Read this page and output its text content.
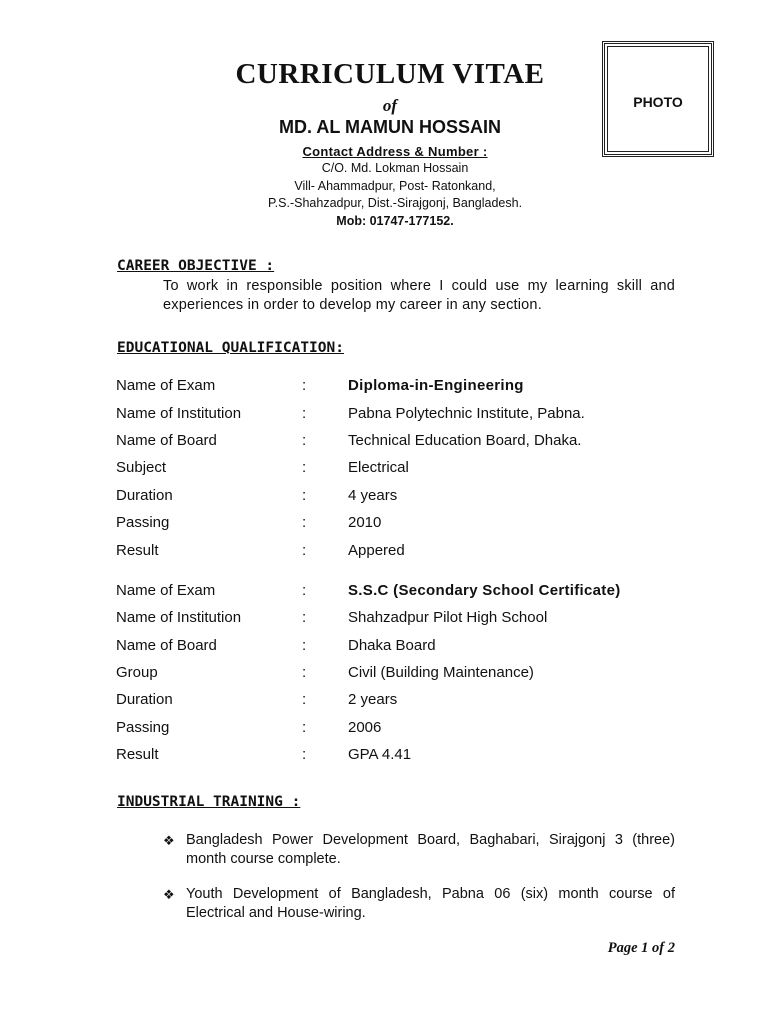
PHOTO
CURRICULUM VITAE
of
MD. AL MAMUN HOSSAIN
Contact Address & Number :
C/O. Md. Lokman Hossain
Vill- Ahammadpur, Post- Ratonkand,
P.S.-Shahzadpur, Dist.-Sirajgonj, Bangladesh.
Mob: 01747-177152.
CAREER OBJECTIVE :
To work in responsible position where I could use my learning skill and experiences in order to develop my career in any section.
EDUCATIONAL QUALIFICATION:
Name of Exam	:	Diploma-in-Engineering
Name of Institution	:	Pabna Polytechnic Institute, Pabna.
Name of Board	:	Technical Education Board, Dhaka.
Subject	:	Electrical
Duration	:	4 years
Passing	:	2010
Result	:	Appered
Name of Exam	:	S.S.C (Secondary School Certificate)
Name of Institution	:	Shahzadpur Pilot High School
Name of Board	:	Dhaka Board
Group	:	Civil (Building Maintenance)
Duration	:	2 years
Passing	:	2006
Result	:	GPA 4.41
INDUSTRIAL TRAINING :
❖ Bangladesh Power Development Board, Baghabari, Sirajgonj 3 (three) month course complete.
❖ Youth Development of Bangladesh, Pabna 06 (six) month course of Electrical and House-wiring.
Page 1 of 2
